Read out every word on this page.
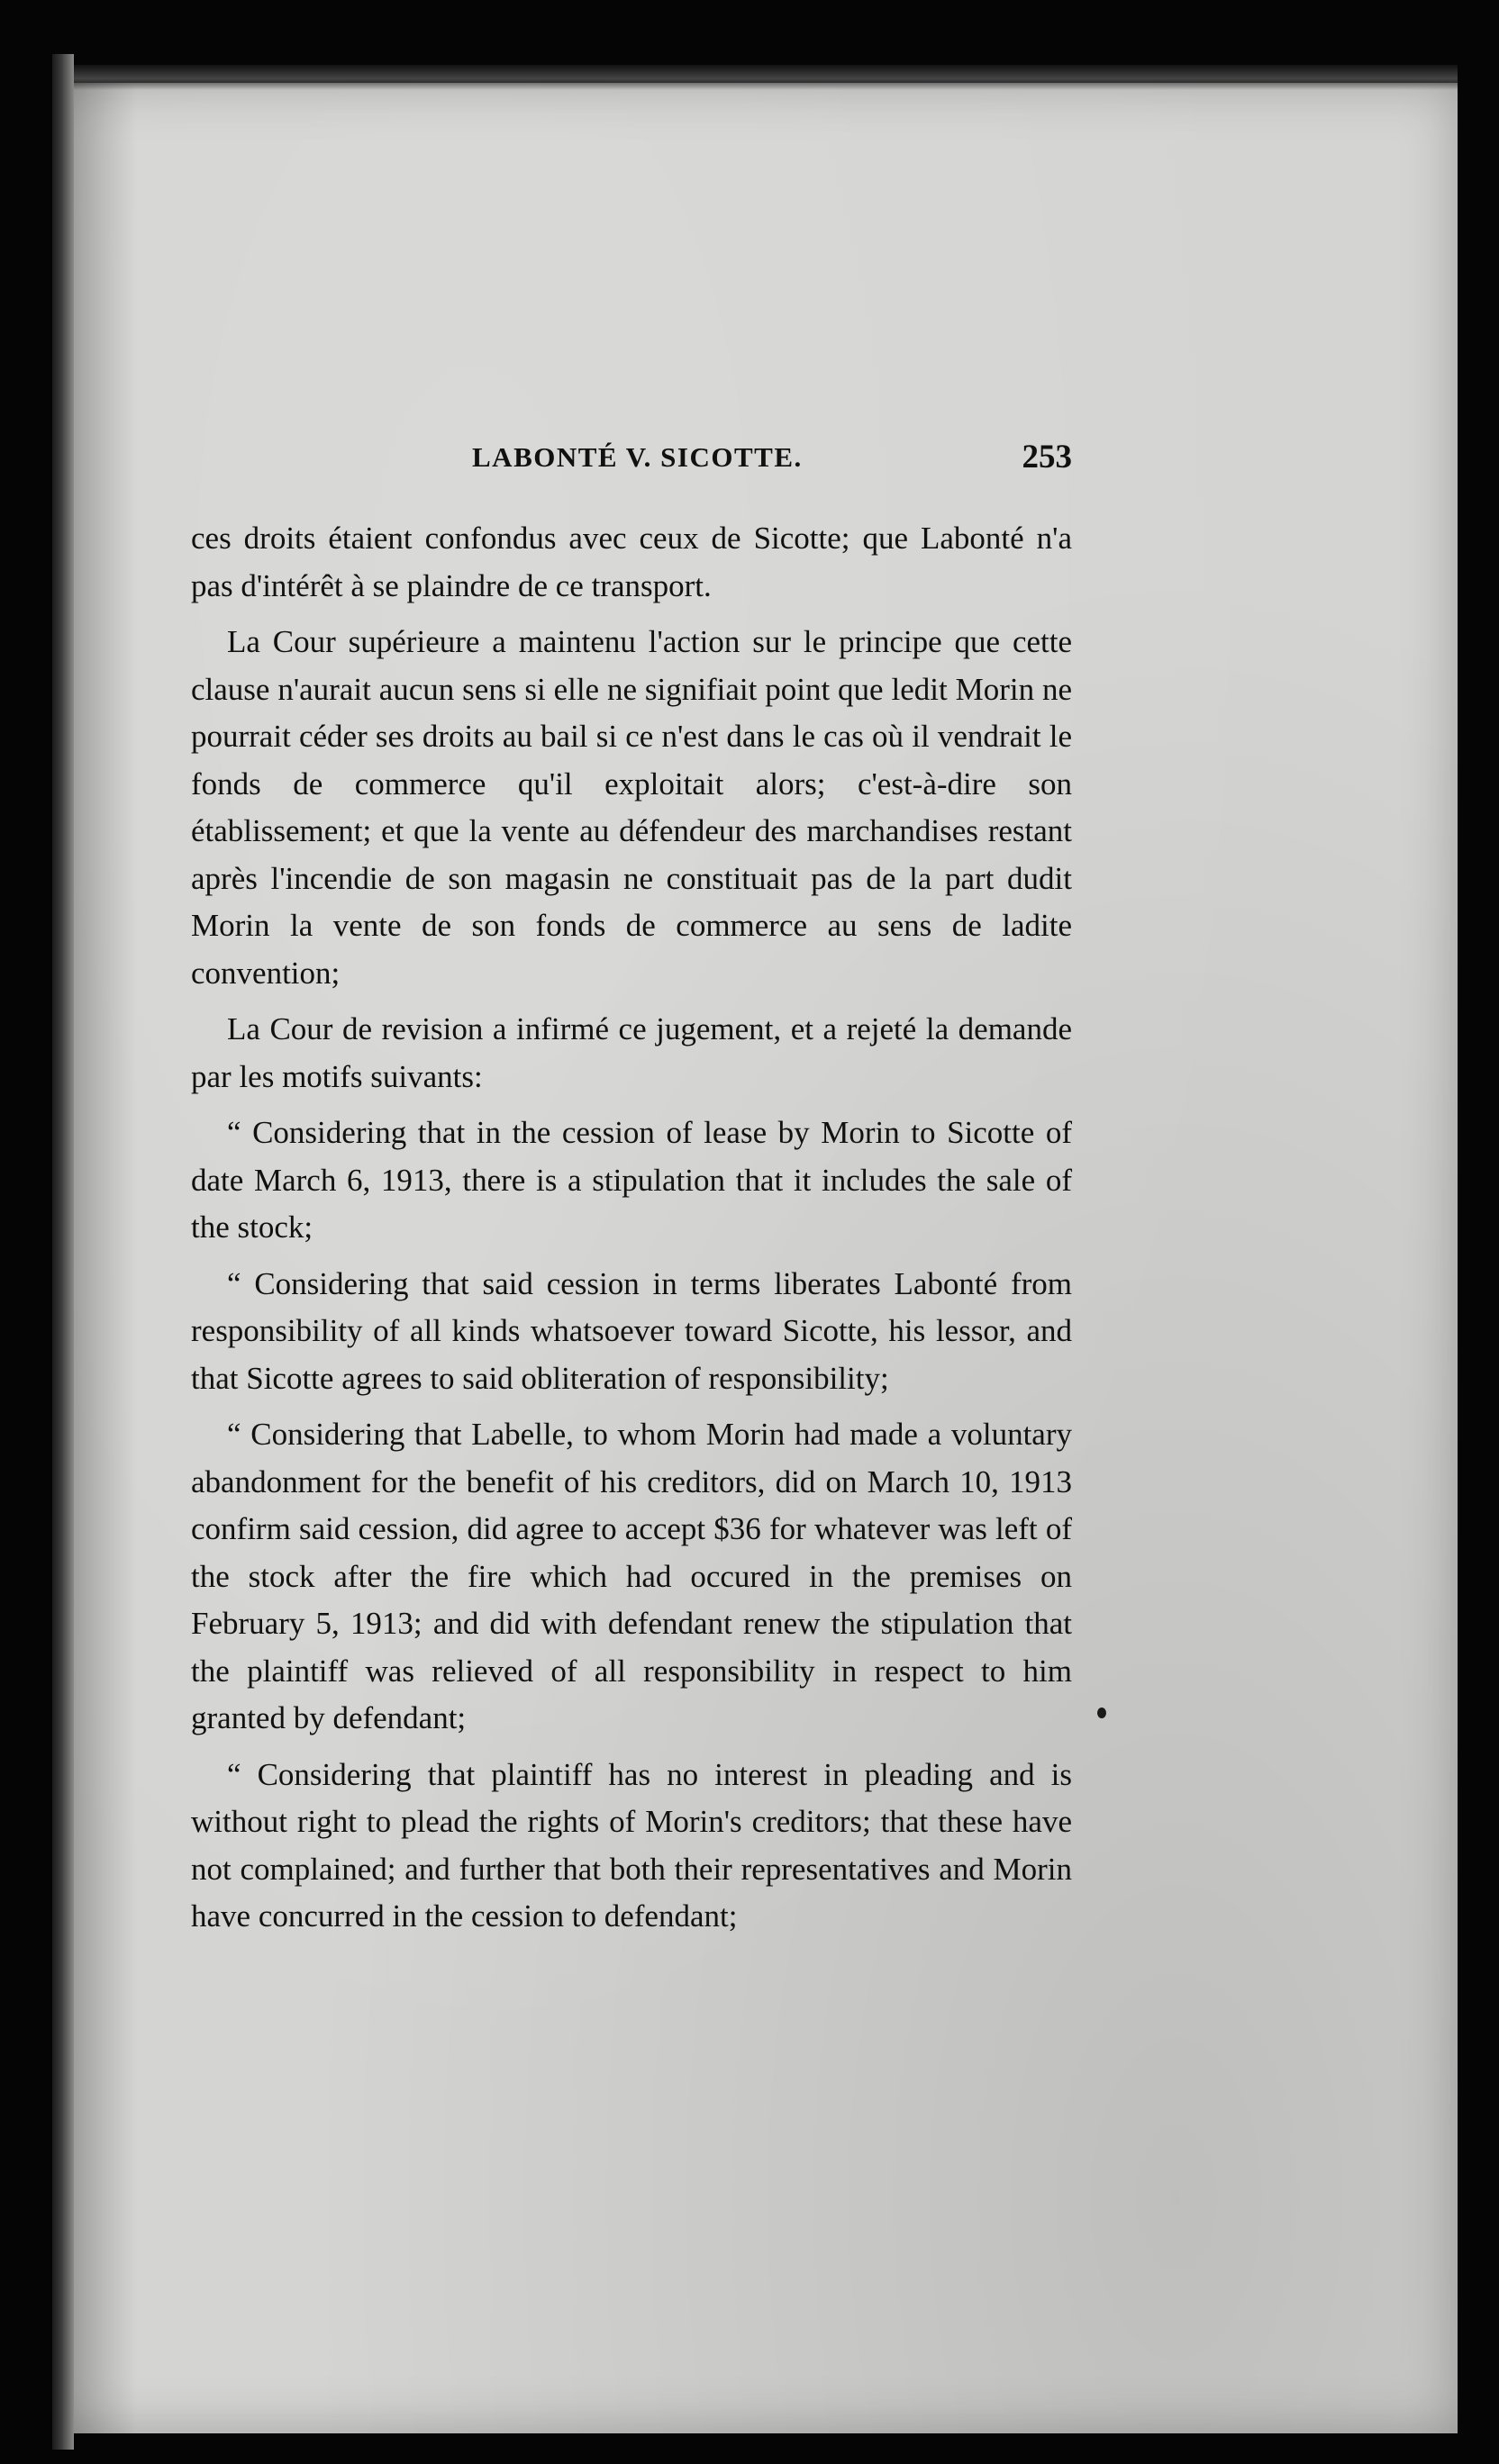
LABONTÉ V. SICOTTE.	253

ces droits étaient confondus avec ceux de Sicotte; que Labonté n'a pas d'intérêt à se plaindre de ce transport.

La Cour supérieure a maintenu l'action sur le principe que cette clause n'aurait aucun sens si elle ne signifiait point que ledit Morin ne pourrait céder ses droits au bail si ce n'est dans le cas où il vendrait le fonds de commerce qu'il exploitait alors; c'est-à-dire son établissement; et que la vente au défendeur des marchandises restant après l'incendie de son magasin ne constituait pas de la part dudit Morin la vente de son fonds de commerce au sens de ladite convention;

La Cour de revision a infirmé ce jugement, et a rejeté la demande par les motifs suivants:

“ Considering that in the cession of lease by Morin to Sicotte of date March 6, 1913, there is a stipulation that it includes the sale of the stock;

“ Considering that said cession in terms liberates Labonté from responsibility of all kinds whatsoever toward Sicotte, his lessor, and that Sicotte agrees to said obliteration of responsibility;

“ Considering that Labelle, to whom Morin had made a voluntary abandonment for the benefit of his creditors, did on March 10, 1913 confirm said cession, did agree to accept $36 for whatever was left of the stock after the fire which had occured in the premises on February 5, 1913; and did with defendant renew the stipulation that the plaintiff was relieved of all responsibility in respect to him granted by defendant;

“ Considering that plaintiff has no interest in pleading and is without right to plead the rights of Morin's creditors; that these have not complained; and further that both their representatives and Morin have concurred in the cession to defendant;
